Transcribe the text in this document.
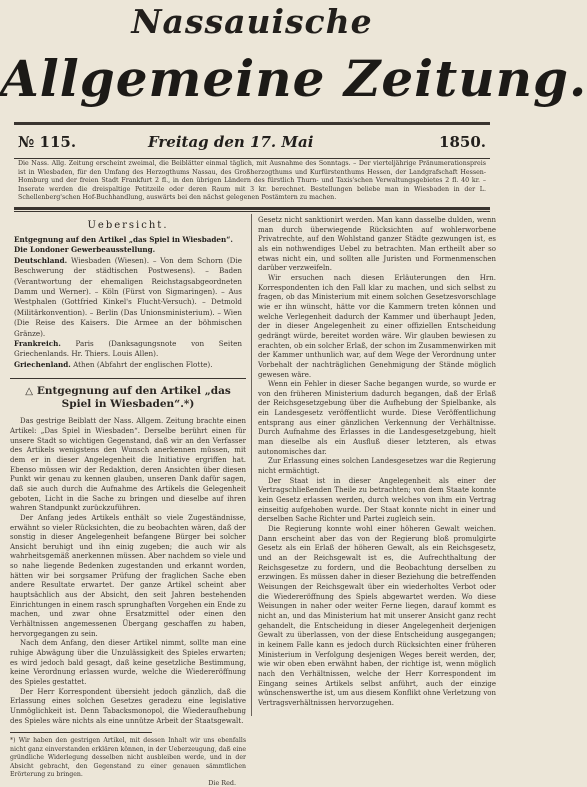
Nassauische
Allgemeine Zeitung.
№ 115.	Freitag den 17. Mai	1850.
Die Nass. Allg. Zeitung erscheint zweimal, die Beiblätter einmal täglich, mit Ausnahme des Sonntags. – Der vierteljährige Pränumerationspreis ist in Wiesbaden, für den Umfang des Herzogthums Nassau, des Großherzogthums und Kurfürstenthums Hessen, der Landgrafschaft Hessen-Homburg und der freien Stadt Frankfurt 2 fl., in den übrigen Ländern des fürstlich Thurn- und Taxis'schen Verwaltungsgebietes 2 fl. 40 kr. – Inserate werden die dreispaltige Petitzeile oder deren Raum mit 3 kr. berechnet. Bestellungen beliebe man in Wiesbaden in der L. Schellenberg'schen Hof-Buchhandlung, auswärts bei den nächst gelegenen Postämtern zu machen.
Uebersicht.
Entgegnung auf den Artikel „das Spiel in Wiesbaden“.
Die Londoner Gewerbeausstellung.
Deutschland. Wiesbaden (Wiesen). – Von dem Schorn (Die Beschwerung der städtischen Postwesens). – Baden (Verantwortung der ehemaligen Reichstagsabgeordneten Damm und Werner). – Köln (Fürst von Sigmaringen). – Aus Westphalen (Gottfried Kinkel's Flucht-Versuch). – Detmold (Militärkonvention). – Berlin (Das Unionsministerium). – Wien (Die Reise des Kaisers. Die Armee an der böhmischen Gränze).
Frankreich. Paris (Danksagungsnote von Seiten Griechenlands. Hr. Thiers. Louis Allen).
Griechenland. Athen (Abfahrt der englischen Flotte).
△ Entgegnung auf den Artikel „das Spiel in Wiesbaden“.*)
Das gestrige Beiblatt der Nass. Allgem. Zeitung brachte einen Artikel: „Das Spiel in Wiesbaden“. Derselbe berührt einen für unsere Stadt so wichtigen Gegenstand, daß wir an den Verfasser des Artikels wenigstens den Wunsch anerkennen müssen, mit dem er in dieser Angelegenheit die Initiative ergriffen hat. Ebenso müssen wir der Redaktion, deren Ansichten über diesen Punkt wir genau zu kennen glauben, unseren Dank dafür sagen, daß sie auch durch die Aufnahme des Artikels die Gelegenheit geboten, Licht in die Sache zu bringen und dieselbe auf ihren wahren Standpunkt zurückzuführen.
Der Anfang jedes Artikels enthält so viele Zugeständnisse, erwähnt so vieler Rücksichten, die zu beobachten wären, daß der sonstig in dieser Angelegenheit befangene Bürger bei solcher Ansicht beruhigt und ihn einig zugeben; die auch wir als wahrheitsgemäß anerkennen müssen. Aber nachdem so viele und so nahe liegende Bedenken zugestanden und erkannt worden, hätten wir bei sorgsamer Prüfung der fraglichen Sache eben andere Resultate erwartet. Der ganze Artikel scheint aber hauptsächlich aus der Absicht, den seit Jahren bestehenden Einrichtungen in einem rasch sprunghaften Vorgehen ein Ende zu machen, und zwar ohne Ersatzmittel oder einen den Verhältnissen angemessenen Übergang geschaffen zu haben, hervorgegangen zu sein.
Nach dem Anfang, den dieser Artikel nimmt, sollte man eine ruhige Abwägung über die Unzulässigkeit des Spieles erwarten; es wird jedoch bald gesagt, daß keine gesetzliche Bestimmung, keine Verordnung erlassen wurde, welche die Wiedereröffnung des Spieles gestattet.
Der Herr Korrespondent übersieht jedoch gänzlich, daß die Erlassung eines solchen Gesetzes geradezu eine legislative Unmöglichkeit ist. Denn Tabacksmonopol, die Wiederaufhebung des Spieles wäre nichts als eine unnütze Arbeit der Staatsgewalt.
*) Wir haben den gestrigen Artikel, mit dessen Inhalt wir uns ebenfalls nicht ganz einverstanden erklären können, in der Ueberzeugung, daß eine gründliche Widerlegung desselben nicht ausbleiben werde, und in der Absicht gebracht, den Gegenstand zu einer genauen sämmtlichen Erörterung zu bringen.
Die Red.
Gesetz nicht sanktionirt werden. Man kann dasselbe dulden, wenn man durch überwiegende Rücksichten auf wohlerworbene Privatrechte, auf den Wohlstand ganzer Städte gezwungen ist, es als ein nothwendiges Uebel zu betrachten. Man ertheilt aber so etwas nicht ein, und sollten alle Juristen und Formenmenschen darüber verzweifeln.
Wir ersuchen nach diesen Erläuterungen den Hrn. Korrespondenten ich den Fall klar zu machen, und sich selbst zu fragen, ob das Ministerium mit einem solchen Gesetzesvorschlage wie er ihn wünscht, hätte vor die Kammern treten können und welche Verlegenheit dadurch der Kammer und überhaupt Jeden, der in dieser Angelegenheit zu einer offiziellen Entscheidung gedrängt würde, bereitet worden wäre. Wir glauben bewiesen zu erachten, ob ein solcher Erlaß, der schon im Zusammenwirken mit der Kammer unthunlich war, auf dem Wege der Verordnung unter Vorbehalt der nachträglichen Genehmigung der Stände möglich gewesen wäre.
Wenn ein Fehler in dieser Sache begangen wurde, so wurde er von den früheren Ministerium dadurch begangen, daß der Erlaß der Reichsgesetzgebung über die Aufhebung der Spielbanke, als ein Landesgesetz veröffentlicht wurde. Diese Veröffentlichung entsprang aus einer gänzlichen Verkennung der Verhältnisse. Durch Aufnahme des Erlasses in die Landesgesetzgebung, hielt man dieselbe als ein Ausfluß dieser letzteren, als etwas autonomisches dar.
Zur Erlassung eines solchen Landesgesetzes war die Regierung nicht ermächtigt.
Der Staat ist in dieser Angelegenheit als einer der Vertragschließenden Theile zu betrachten; von dem Staate konnte kein Gesetz erlassen werden, durch welches von ihm ein Vertrag einseitig aufgehoben wurde. Der Staat konnte nicht in einer und derselben Sache Richter und Partei zugleich sein.
Die Regierung konnte wohl einer höheren Gewalt weichen. Dann erscheint aber das von der Regierung bloß promulgirte Gesetz als ein Erlaß der höheren Gewalt, als ein Reichsgesetz, und an der Reichsgewalt ist es, die Aufrechthaltung der Reichsgesetze zu fordern, und die Beobachtung derselben zu erzwingen. Es müssen daher in dieser Beziehung die betreffenden Weisungen der Reichsgewalt über ein wiederholtes Verbot oder die Wiedereröffnung des Spiels abgewartet werden. Wo diese Weisungen in naher oder weiter Ferne liegen, darauf kommt es nicht an, und das Ministerium hat mit unserer Ansicht ganz recht gehandelt, die Entscheidung in dieser Angelegenheit derjenigen Gewalt zu überlassen, von der diese Entscheidung ausgegangen; in keinem Falle kann es jedoch durch Rücksichten einer früheren Ministerium in Verfolgung desjenigen Weges bereit werden, der, wie wir oben eben erwähnt haben, der richtige ist, wenn möglich nach den Verhältnissen, welche der Herr Korrespondent im Eingang seines Artikels selbst anführt, auch der einzige wünschenswerthe ist, um aus diesem Konflikt ohne Verletzung von Vertragsverhältnissen hervorzugehen.
